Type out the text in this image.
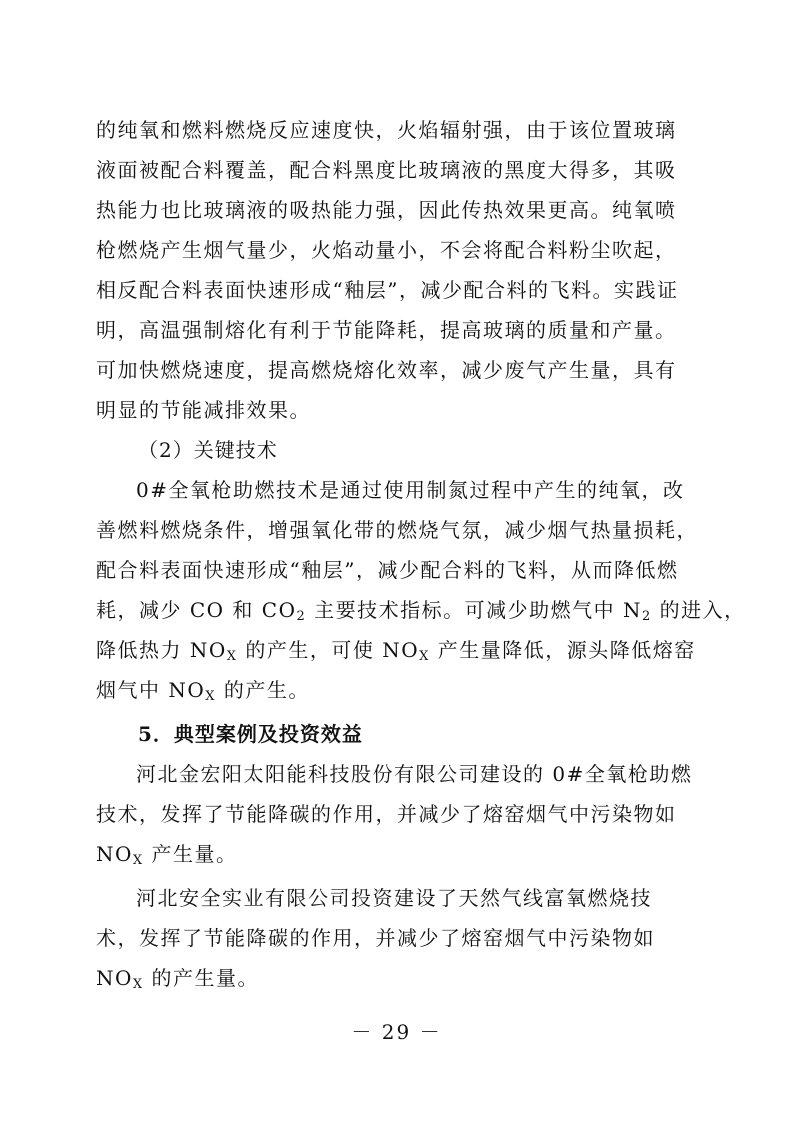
的纯氧和燃料燃烧反应速度快，火焰辐射强，由于该位置玻璃
液面被配合料覆盖，配合料黑度比玻璃液的黑度大得多，其吸
热能力也比玻璃液的吸热能力强，因此传热效果更高。纯氧喷
枪燃烧产生烟气量少，火焰动量小，不会将配合料粉尘吹起，
相反配合料表面快速形成“釉层”，减少配合料的飞料。实践证
明，高温强制熔化有利于节能降耗，提高玻璃的质量和产量。
可加快燃烧速度，提高燃烧熔化效率，减少废气产生量，具有
明显的节能减排效果。
（2）关键技术
0#全氧枪助燃技术是通过使用制氮过程中产生的纯氧，改
善燃料燃烧条件，增强氧化带的燃烧气氛，减少烟气热量损耗，
配合料表面快速形成“釉层”，减少配合料的飞料，从而降低燃
耗，减少 CO 和 $CO_2$ 主要技术指标。可减少助燃气中 $N_2$ 的进入，
降低热力 $NO_X$ 的产生，可使 $NO_X$ 产生量降低，源头降低熔窑
烟气中 $NO_X$ 的产生。
5．典型案例及投资效益
河北金宏阳太阳能科技股份有限公司建设的 0#全氧枪助燃
技术，发挥了节能降碳的作用，并减少了熔窑烟气中污染物如
$NO_X$ 产生量。
河北安全实业有限公司投资建设了天然气线富氧燃烧技
术，发挥了节能降碳的作用，并减少了熔窑烟气中污染物如
$NO_X$ 的产生量。
－ 29 －
